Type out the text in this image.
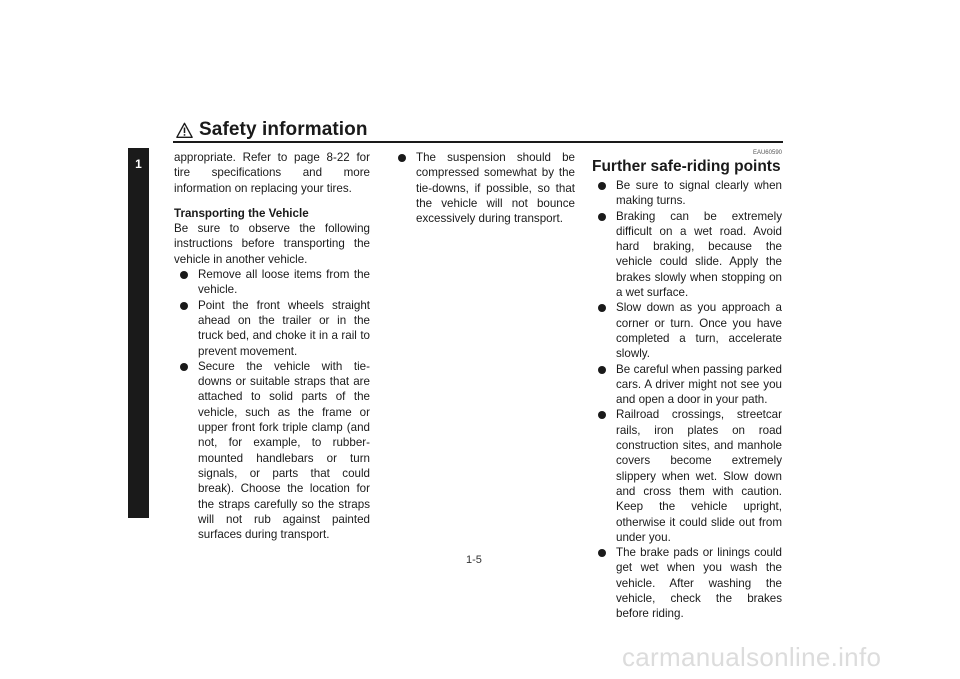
Safety information
1	appropriate. Refer to page 8-22 for tire specifications and more information on replacing your tires.

Transporting the Vehicle

Be sure to observe the following instructions before transporting the vehicle in another vehicle.

Remove all loose items from the vehicle.
Point the front wheels straight ahead on the trailer or in the truck bed, and choke it in a rail to prevent movement.
Secure the vehicle with tie-downs or suitable straps that are attached to solid parts of the vehicle, such as the frame or upper front fork triple clamp (and not, for example, to rubber-mounted handlebars or turn signals, or parts that could break). Choose the location for the straps carefully so the straps will not rub against painted surfaces during transport.
The suspension should be compressed somewhat by the tie-downs, if possible, so that the vehicle will not bounce excessively during transport.

EAU60590

Further safe-riding points

Be sure to signal clearly when making turns.
Braking can be extremely difficult on a wet road. Avoid hard braking, because the vehicle could slide. Apply the brakes slowly when stopping on a wet surface.
Slow down as you approach a corner or turn. Once you have completed a turn, accelerate slowly.
Be careful when passing parked cars. A driver might not see you and open a door in your path.
Railroad crossings, streetcar rails, iron plates on road construction sites, and manhole covers become extremely slippery when wet. Slow down and cross them with caution. Keep the vehicle upright, otherwise it could slide out from under you.
The brake pads or linings could get wet when you wash the vehicle. After washing the vehicle, check the brakes before riding.
1-5
carmanualsonline.info
